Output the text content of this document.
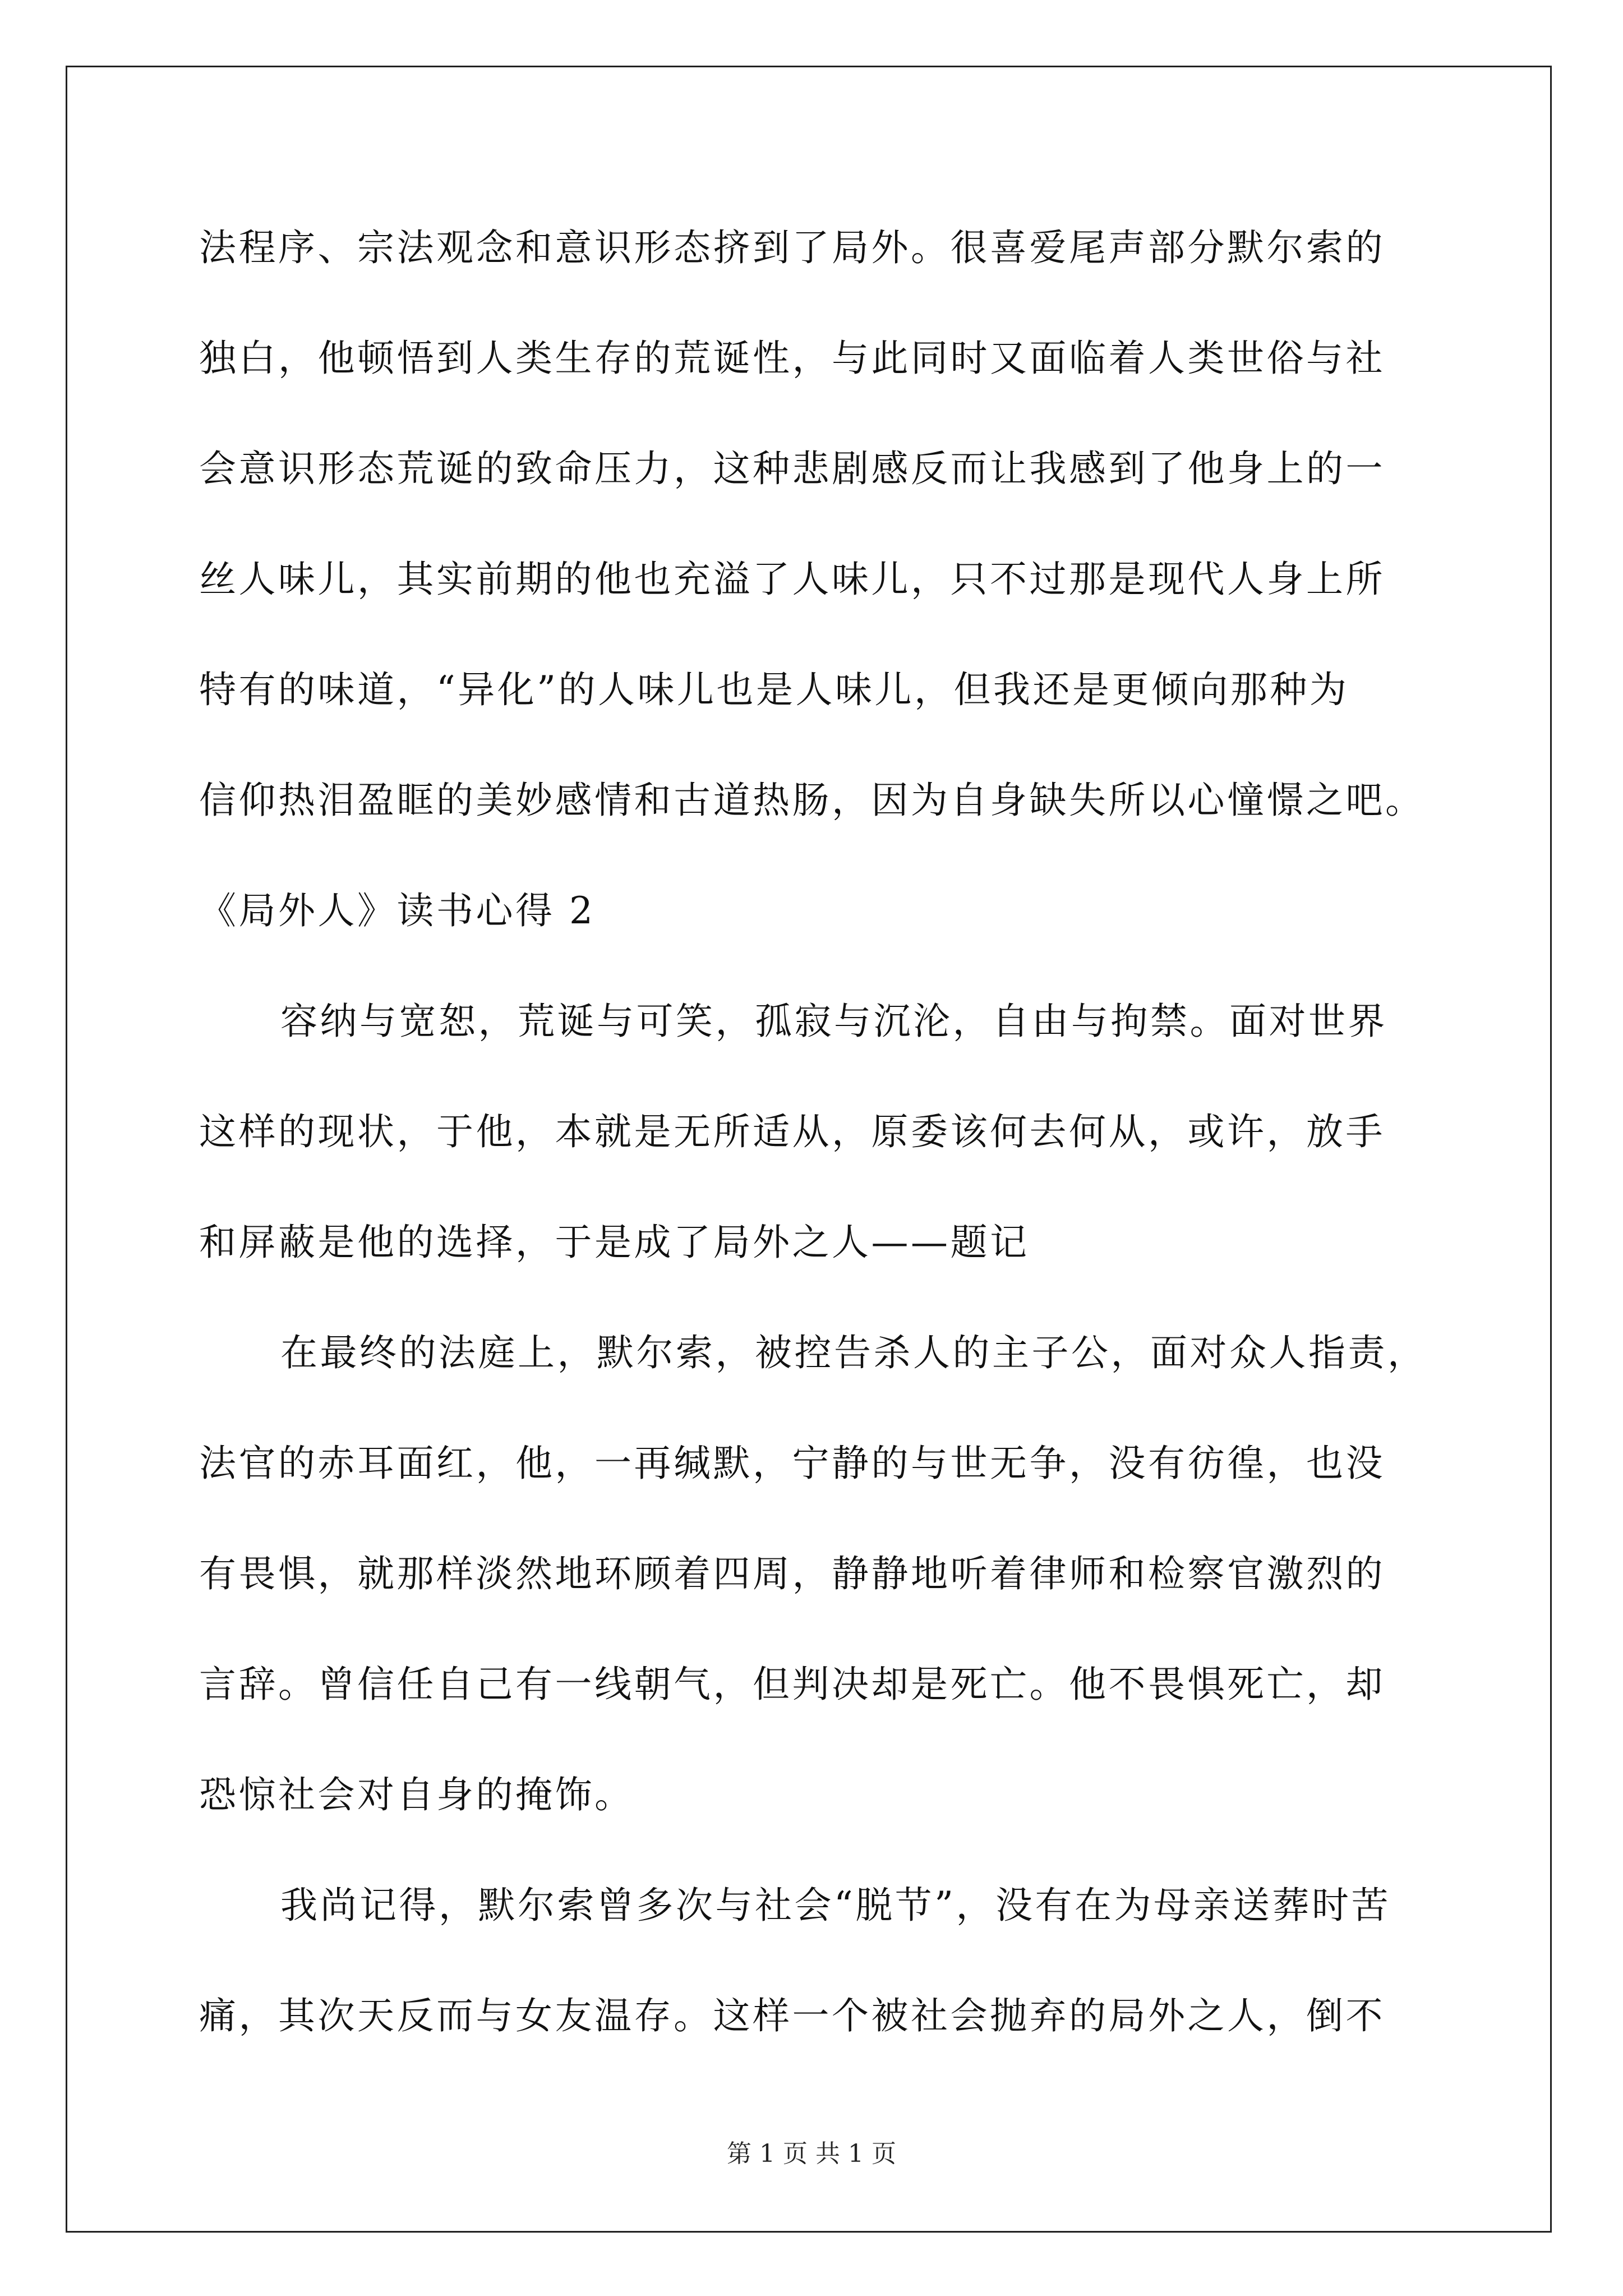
法程序、宗法观念和意识形态挤到了局外。很喜爱尾声部分默尔索的
独白，他顿悟到人类生存的荒诞性，与此同时又面临着人类世俗与社
会意识形态荒诞的致命压力，这种悲剧感反而让我感到了他身上的一
丝人味儿，其实前期的他也充溢了人味儿，只不过那是现代人身上所
特有的味道，“异化”的人味儿也是人味儿，但我还是更倾向那种为
信仰热泪盈眶的美妙感情和古道热肠，因为自身缺失所以心憧憬之吧。
《局外人》读书心得 2
容纳与宽恕，荒诞与可笑，孤寂与沉沦，自由与拘禁。面对世界
这样的现状，于他，本就是无所适从，原委该何去何从，或许，放手
和屏蔽是他的选择，于是成了局外之人——题记
在最终的法庭上，默尔索，被控告杀人的主子公，面对众人指责，
法官的赤耳面红，他，一再缄默，宁静的与世无争，没有彷徨，也没
有畏惧，就那样淡然地环顾着四周，静静地听着律师和检察官激烈的
言辞。曾信任自己有一线朝气，但判决却是死亡。他不畏惧死亡，却
恐惊社会对自身的掩饰。
我尚记得，默尔索曾多次与社会“脱节”，没有在为母亲送葬时苦
痛，其次天反而与女友温存。这样一个被社会抛弃的局外之人，倒不
第 1 页 共 1 页
